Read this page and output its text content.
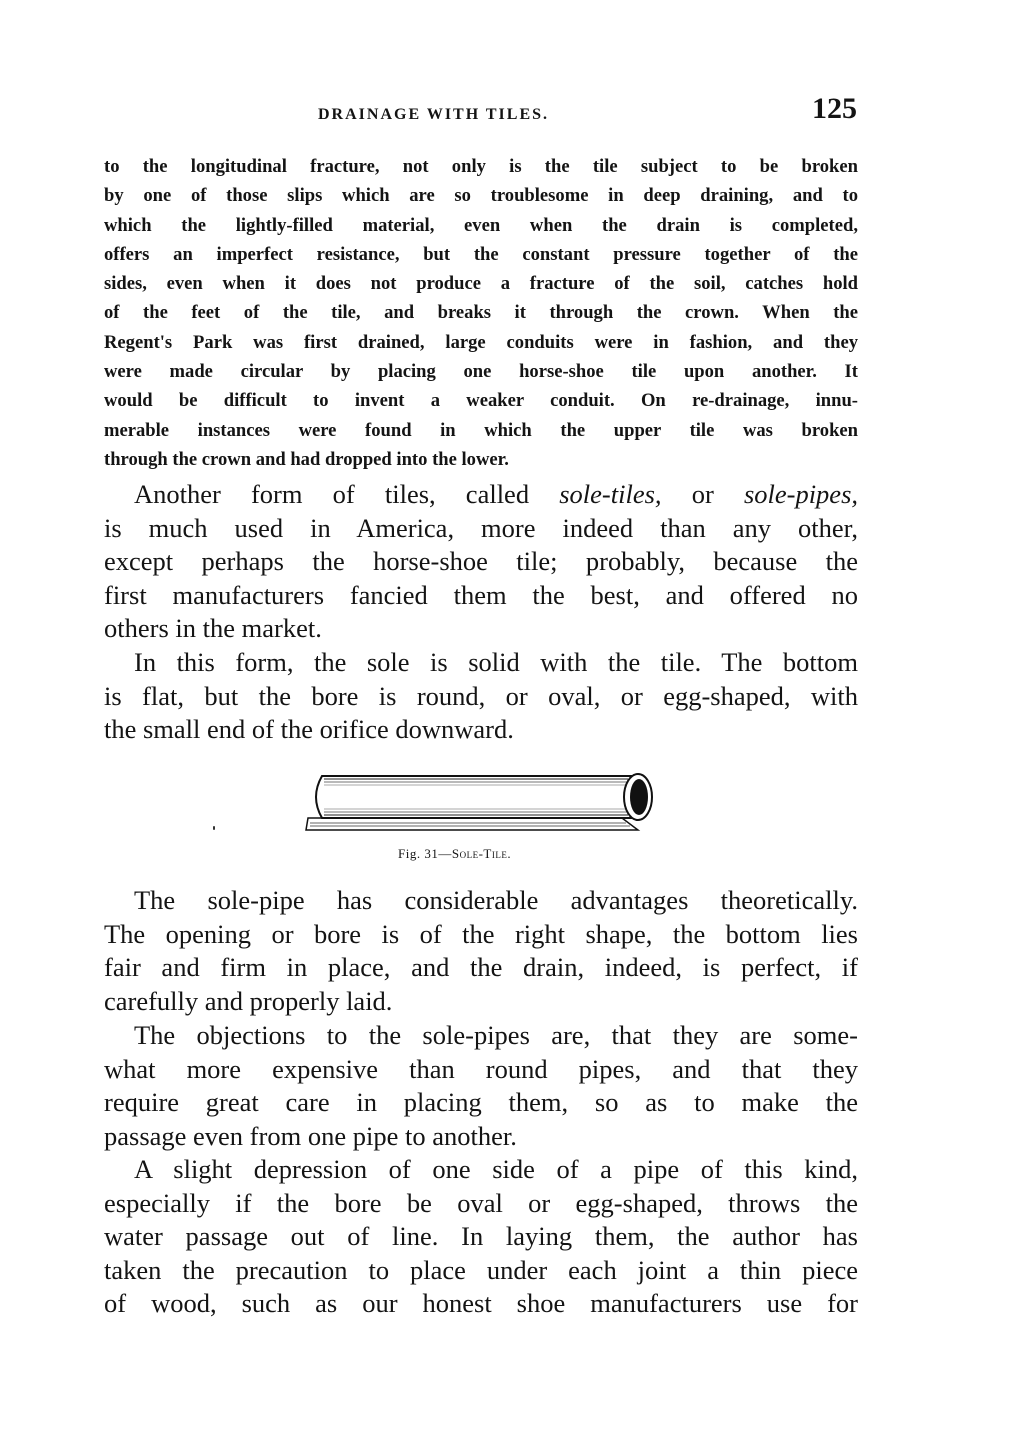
DRAINAGE WITH TILES.	125
to the longitudinal fracture, not only is the tile subject to be broken
by one of those slips which are so troublesome in deep draining, and to
which the lightly-filled material, even when the drain is completed,
offers an imperfect resistance, but the constant pressure together of the
sides, even when it does not produce a fracture of the soil, catches hold
of the feet of the tile, and breaks it through the crown. When the
Regent's Park was first drained, large conduits were in fashion, and they
were made circular by placing one horse-shoe tile upon another. It
would be difficult to invent a weaker conduit. On re-drainage, innu-
merable instances were found in which the upper tile was broken
through the crown and had dropped into the lower.
Another form of tiles, called sole-tiles, or sole-pipes,
is much used in America, more indeed than any other,
except perhaps the horse-shoe tile; probably, because the
first manufacturers fancied them the best, and offered no
others in the market.
In this form, the sole is solid with the tile. The bottom
is flat, but the bore is round, or oval, or egg-shaped, with
the small end of the orifice downward.
Fig. 31—Sole-Tile.
The sole-pipe has considerable advantages theoretically.
The opening or bore is of the right shape, the bottom lies
fair and firm in place, and the drain, indeed, is perfect, if
carefully and properly laid.
The objections to the sole-pipes are, that they are some-
what more expensive than round pipes, and that they
require great care in placing them, so as to make the
passage even from one pipe to another.
A slight depression of one side of a pipe of this kind,
especially if the bore be oval or egg-shaped, throws the
water passage out of line. In laying them, the author has
taken the precaution to place under each joint a thin piece
of wood, such as our honest shoe manufacturers use for
